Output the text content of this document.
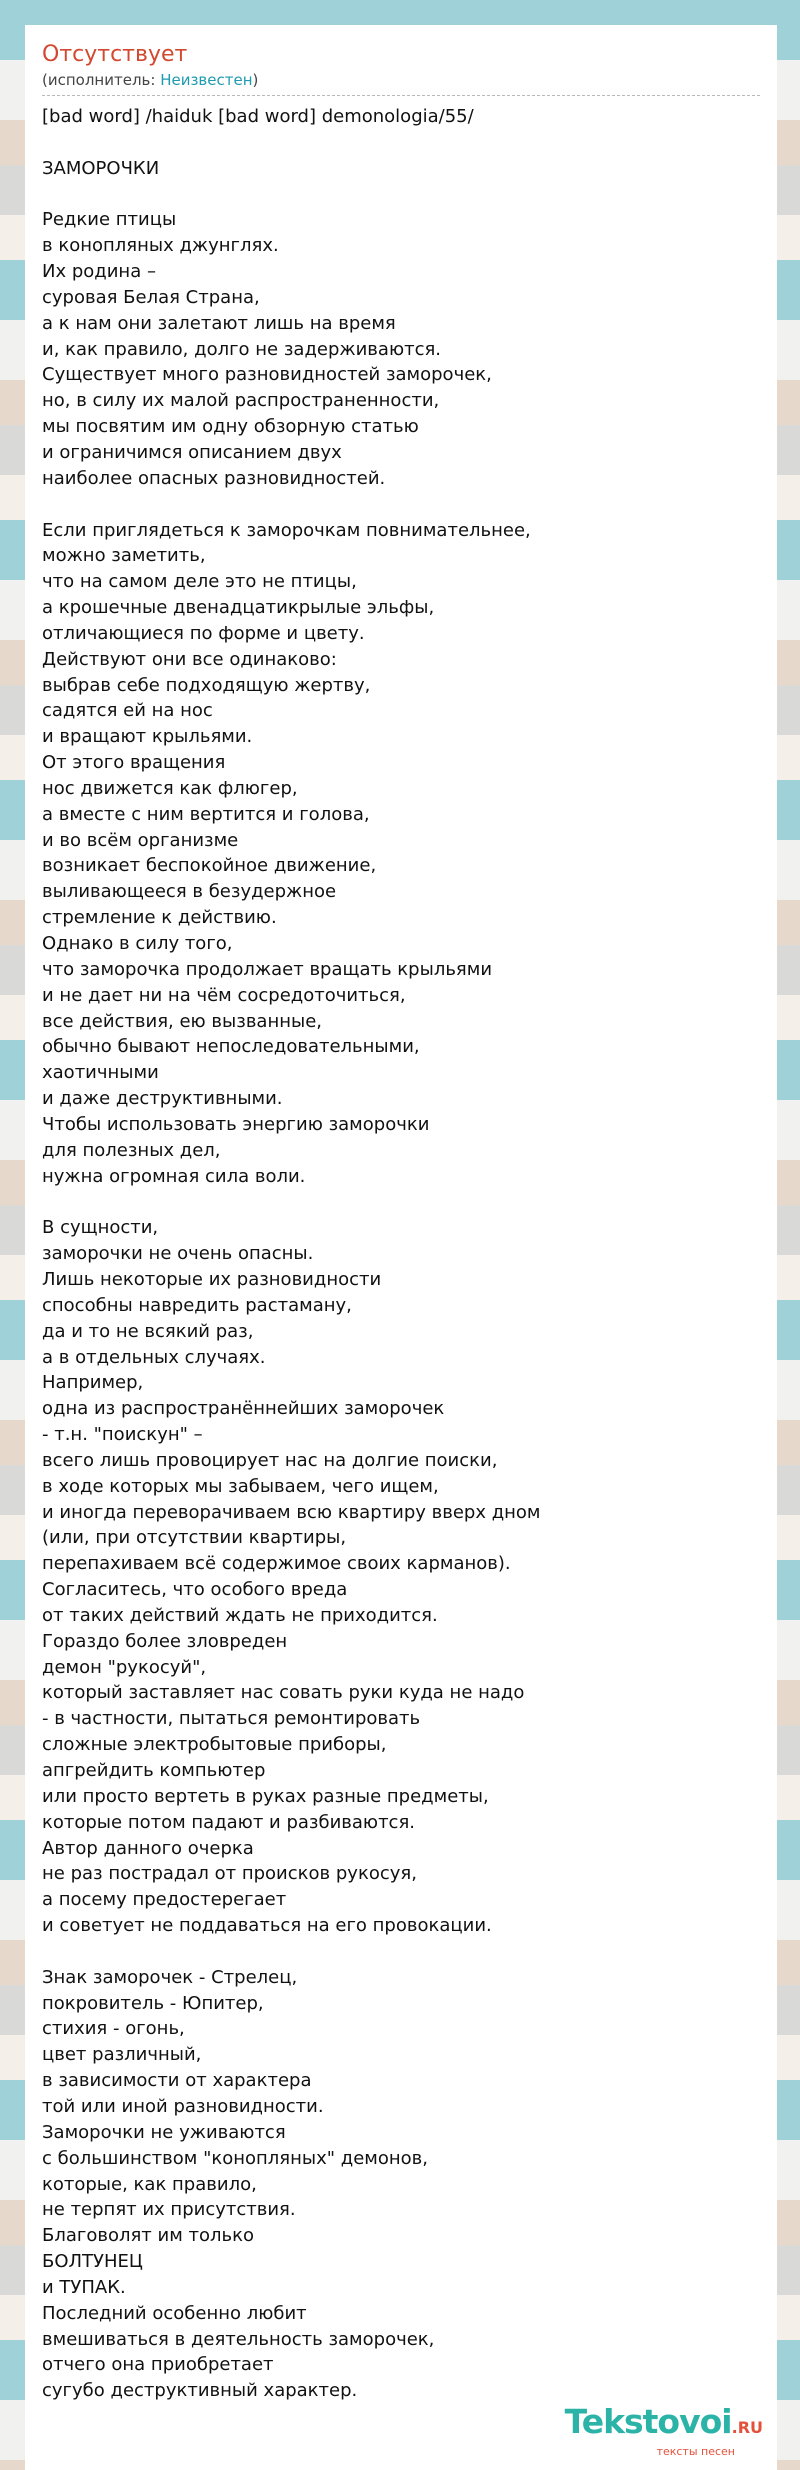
Отсутствует
(исполнитель: Неизвестен)
[bad word] /haiduk [bad word] demonologia/55/
ЗАМОРОЧКИ
Редкие птицы
в конопляных джунглях.
Их родина –
суровая Белая Страна,
а к нам они залетают лишь на время
и, как правило, долго не задерживаются.
Существует много разновидностей заморочек,
но, в силу их малой распространенности,
мы посвятим им одну обзорную статью
и ограничимся описанием двух
наиболее опасных разновидностей.
Если приглядеться к заморочкам повнимательнее,
можно заметить,
что на самом деле это не птицы,
а крошечные двенадцатикрылые эльфы,
отличающиеся по форме и цвету.
Действуют они все одинаково:
выбрав себе подходящую жертву,
садятся ей на нос
и вращают крыльями.
От этого вращения
нос движется как флюгер,
а вместе с ним вертится и голова,
и во всём организме
возникает беспокойное движение,
выливающееся в безудержное
стремление к действию.
Однако в силу того,
что заморочка продолжает вращать крыльями
и не дает ни на чём сосредоточиться,
все действия, ею вызванные,
обычно бывают непоследовательными,
хаотичными
и даже деструктивными.
Чтобы использовать энергию заморочки
для полезных дел,
нужна огромная сила воли.
В сущности,
заморочки не очень опасны.
Лишь некоторые их разновидности
способны навредить растаману,
да и то не всякий раз,
а в отдельных случаях.
Например,
одна из распространённейших заморочек
- т.н. "поискун" –
всего лишь провоцирует нас на долгие поиски,
в ходе которых мы забываем, чего ищем,
и иногда переворачиваем всю квартиру вверх дном
(или, при отсутствии квартиры,
перепахиваем всё содержимое своих карманов).
Согласитесь, что особого вреда
от таких действий ждать не приходится.
Гораздо более зловреден
демон "рукосуй",
который заставляет нас совать руки куда не надо
- в частности, пытаться ремонтировать
сложные электробытовые приборы,
апгрейдить компьютер
или просто вертеть в руках разные предметы,
которые потом падают и разбиваются.
Автор данного очерка
не раз пострадал от происков рукосуя,
а посему предостерегает
и советует не поддаваться на его провокации.
Знак заморочек - Стрелец,
покровитель - Юпитер,
стихия - огонь,
цвет различный,
в зависимости от характера
той или иной разновидности.
Заморочки не уживаются
с большинством "конопляных" демонов,
которые, как правило,
не терпят их присутствия.
Благоволят им только
БОЛТУНЕЦ
и ТУПАК.
Последний особенно любит
вмешиваться в деятельность заморочек,
отчего она приобретает
сугубо деструктивный характер.
Tekstovoi.RU
тексты песен
